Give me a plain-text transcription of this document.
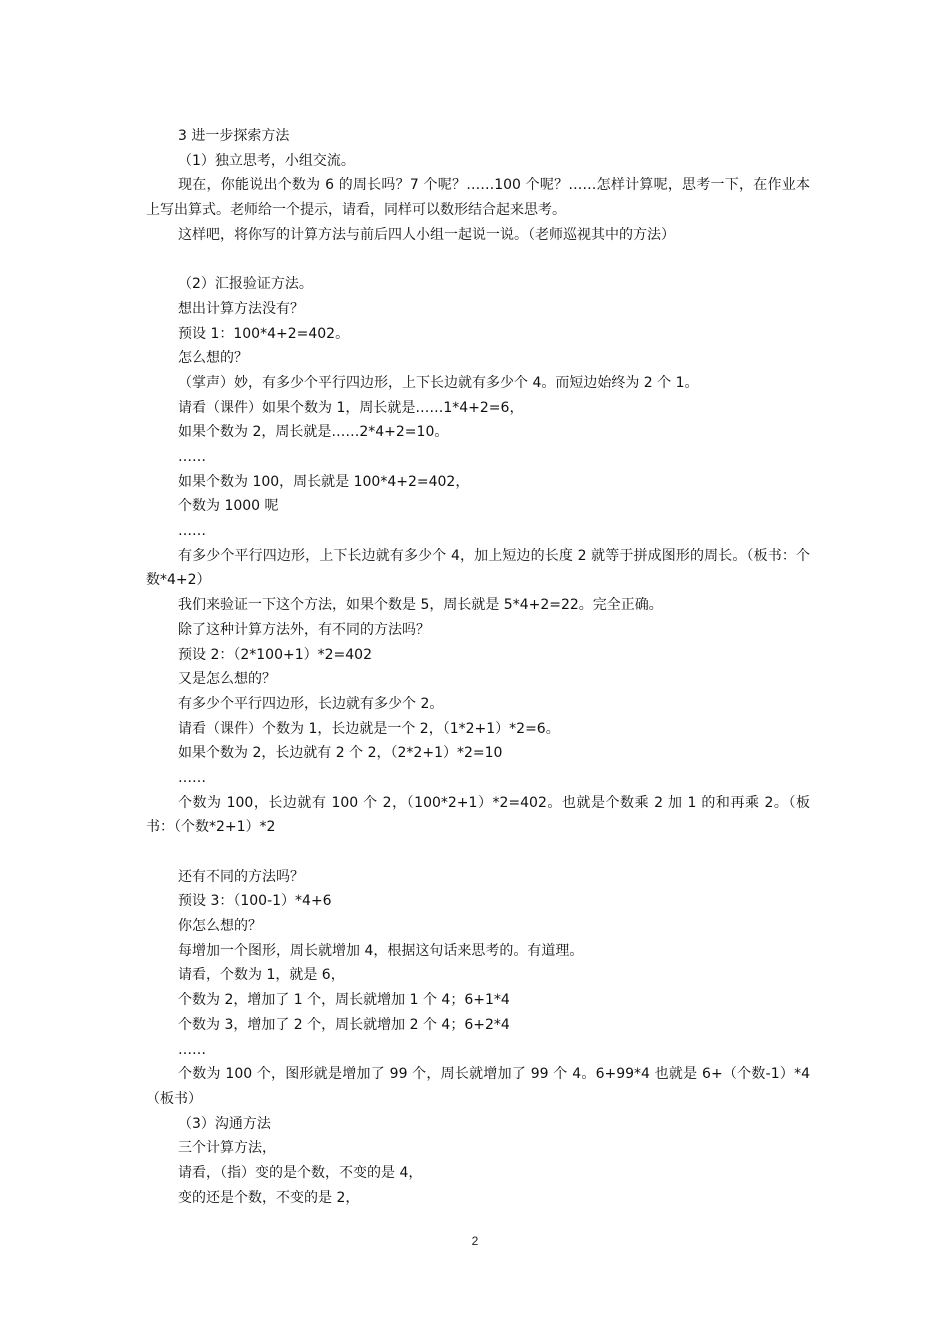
3 进一步探索方法
（1）独立思考，小组交流。
现在，你能说出个数为 6 的周长吗？7 个呢？……100 个呢？……怎样计算呢，思考一下，在作业本上写出算式。老师给一个提示，请看，同样可以数形结合起来思考。
这样吧，将你写的计算方法与前后四人小组一起说一说。（老师巡视其中的方法）
（2）汇报验证方法。
想出计算方法没有？
预设 1：100*4+2=402。
怎么想的？
（掌声）妙，有多少个平行四边形，上下长边就有多少个 4。而短边始终为 2 个 1。
请看（课件）如果个数为 1，周长就是……1*4+2=6，
如果个数为 2，周长就是……2*4+2=10。
……
如果个数为 100，周长就是 100*4+2=402，
个数为 1000 呢
……
有多少个平行四边形，上下长边就有多少个 4，加上短边的长度 2 就等于拼成图形的周长。（板书：个数*4+2）
我们来验证一下这个方法，如果个数是 5，周长就是 5*4+2=22。完全正确。
除了这种计算方法外，有不同的方法吗？
预设 2：（2*100+1）*2=402
又是怎么想的？
有多少个平行四边形，长边就有多少个 2。
请看（课件）个数为 1，长边就是一个 2，（1*2+1）*2=6。
如果个数为 2，长边就有 2 个 2，（2*2+1）*2=10
……
个数为 100，长边就有 100 个 2，（100*2+1）*2=402。也就是个数乘 2 加 1 的和再乘 2。（板书：（个数*2+1）*2
还有不同的方法吗？
预设 3：（100-1）*4+6
你怎么想的？
每增加一个图形，周长就增加 4，根据这句话来思考的。有道理。
请看，个数为 1，就是 6，
个数为 2，增加了 1 个，周长就增加 1 个 4；6+1*4
个数为 3，增加了 2 个，周长就增加 2 个 4；6+2*4
……
个数为 100 个，图形就是增加了 99 个，周长就增加了 99 个 4。6+99*4 也就是 6+（个数-1）*4（板书）
（3）沟通方法
三个计算方法，
请看，（指）变的是个数，不变的是 4，
变的还是个数，不变的是 2，
2
